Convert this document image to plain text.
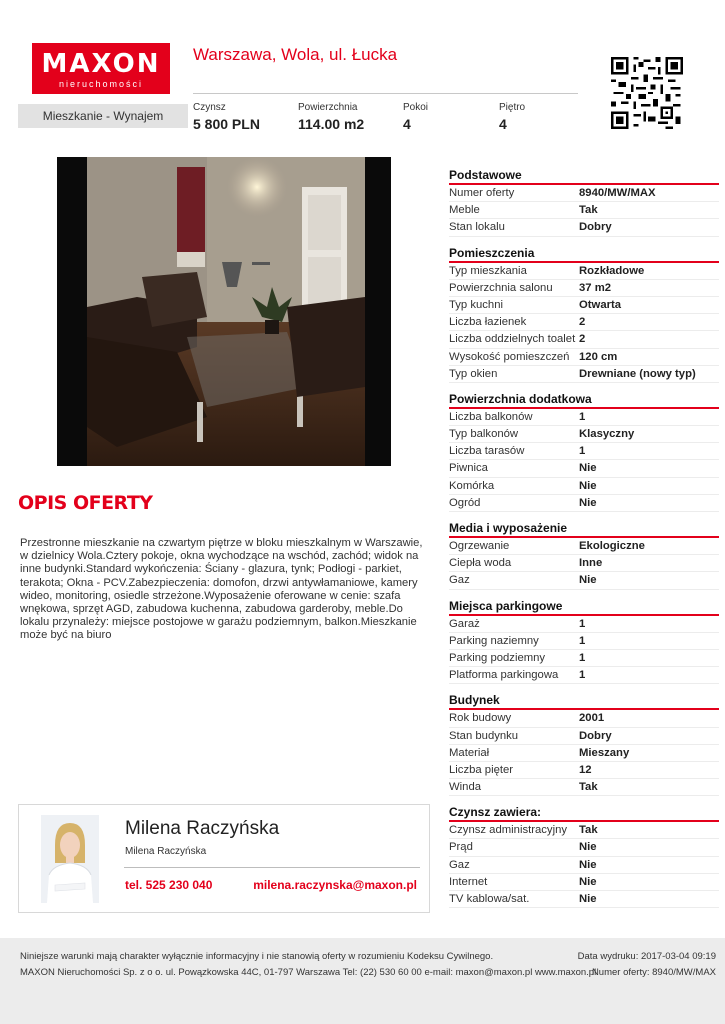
MAXON
nieruchomości
Warszawa, Wola, ul. Łucka
Mieszkanie - Wynajem
Czynsz
5 800 PLN
Powierzchnia
114.00 m2
Pokoi
4
Piętro
4
OPIS OFERTY
Przestronne mieszkanie na czwartym piętrze w bloku mieszkalnym w Warszawie, w dzielnicy Wola.Cztery pokoje, okna wychodzące na wschód, zachód; widok na inne budynki.Standard wykończenia: Ściany - glazura, tynk; Podłogi - parkiet, terakota; Okna - PCV.Zabezpieczenia: domofon, drzwi antywłamaniowe, kamery wideo, monitoring, osiedle strzeżone.Wyposażenie oferowane w cenie: szafa wnękowa, sprzęt AGD, zabudowa kuchenna, zabudowa garderoby, meble.Do lokalu przynależy: miejsce postojowe w garażu podziemnym, balkon.Mieszkanie może być na biuro
Milena Raczyńska
Milena Raczyńska
tel. 525 230 040	milena.raczynska@maxon.pl
Podstawowe
Numer oferty	8940/MW/MAX
Meble	Tak
Stan lokalu	Dobry
Pomieszczenia
Typ mieszkania	Rozkładowe
Powierzchnia salonu	37 m2
Typ kuchni	Otwarta
Liczba łazienek	2
Liczba oddzielnych toalet 2
Wysokość pomieszczeń 120 cm
Typ okien	Drewniane (nowy typ)
Powierzchnia dodatkowa
Liczba balkonów	1
Typ balkonów	Klasyczny
Liczba tarasów	1
Piwnica	Nie
Komórka	Nie
Ogród	Nie
Media i wyposażenie
Ogrzewanie	Ekologiczne
Ciepła woda	Inne
Gaz	Nie
Miejsca parkingowe
Garaż	1
Parking naziemny	1
Parking podziemny	1
Platforma parkingowa	1
Budynek
Rok budowy	2001
Stan budynku	Dobry
Materiał	Mieszany
Liczba pięter	12
Winda	Tak
Czynsz zawiera:
Czynsz administracyjny	Tak
Prąd	Nie
Gaz	Nie
Internet	Nie
TV kablowa/sat.	Nie
Niniejsze warunki mają charakter wyłącznie informacyjny i nie stanowią oferty w rozumieniu Kodeksu Cywilnego.
MAXON Nieruchomości Sp. z o o. ul. Powązkowska 44C, 01-797 Warszawa Tel: (22) 530 60 00 e-mail: maxon@maxon.pl www.maxon.pl
Data wydruku: 2017-03-04 09:19
Numer oferty: 8940/MW/MAX
